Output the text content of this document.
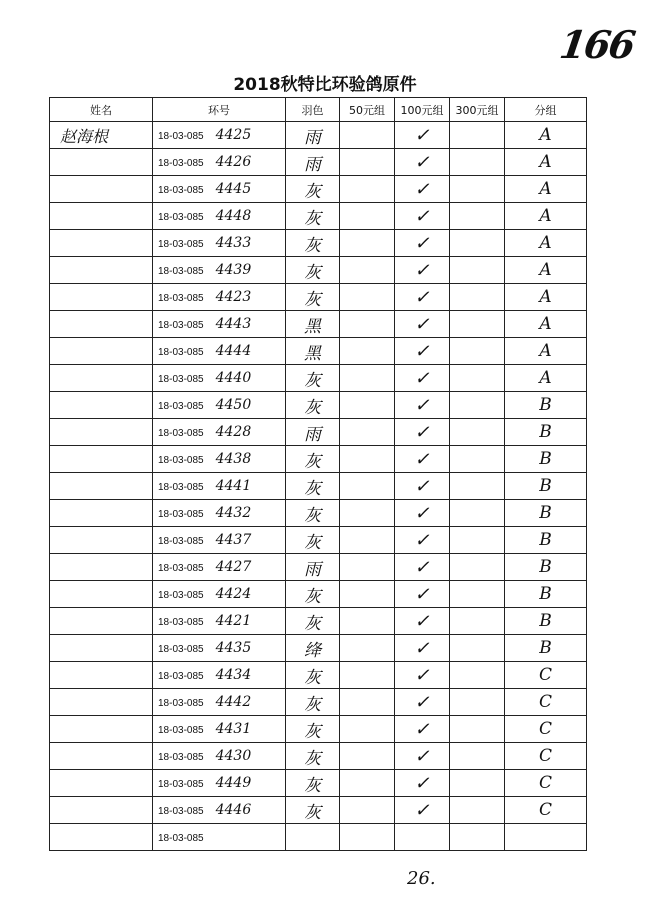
166
2018秋特比环验鸽原件
姓名	环号	羽色	50元组	100元组	300元组	分组
赵海根	18-03-085 4425	雨		✓		A
	18-03-085 4426	雨		✓		A
	18-03-085 4445	灰		✓		A
	18-03-085 4448	灰		✓		A
	18-03-085 4433	灰		✓		A
	18-03-085 4439	灰		✓		A
	18-03-085 4423	灰		✓		A
	18-03-085 4443	黑		✓		A
	18-03-085 4444	黑		✓		A
	18-03-085 4440	灰		✓		A
	18-03-085 4450	灰		✓		B
	18-03-085 4428	雨		✓		B
	18-03-085 4438	灰		✓		B
	18-03-085 4441	灰		✓		B
	18-03-085 4432	灰		✓		B
	18-03-085 4437	灰		✓		B
	18-03-085 4427	雨		✓		B
	18-03-085 4424	灰		✓		B
	18-03-085 4421	灰		✓		B
	18-03-085 4435	绛		✓		B
	18-03-085 4434	灰		✓		C
	18-03-085 4442	灰		✓		C
	18-03-085 4431	灰		✓		C
	18-03-085 4430	灰		✓		C
	18-03-085 4449	灰		✓		C
	18-03-085 4446	灰		✓		C
	18-03-085					
26.
